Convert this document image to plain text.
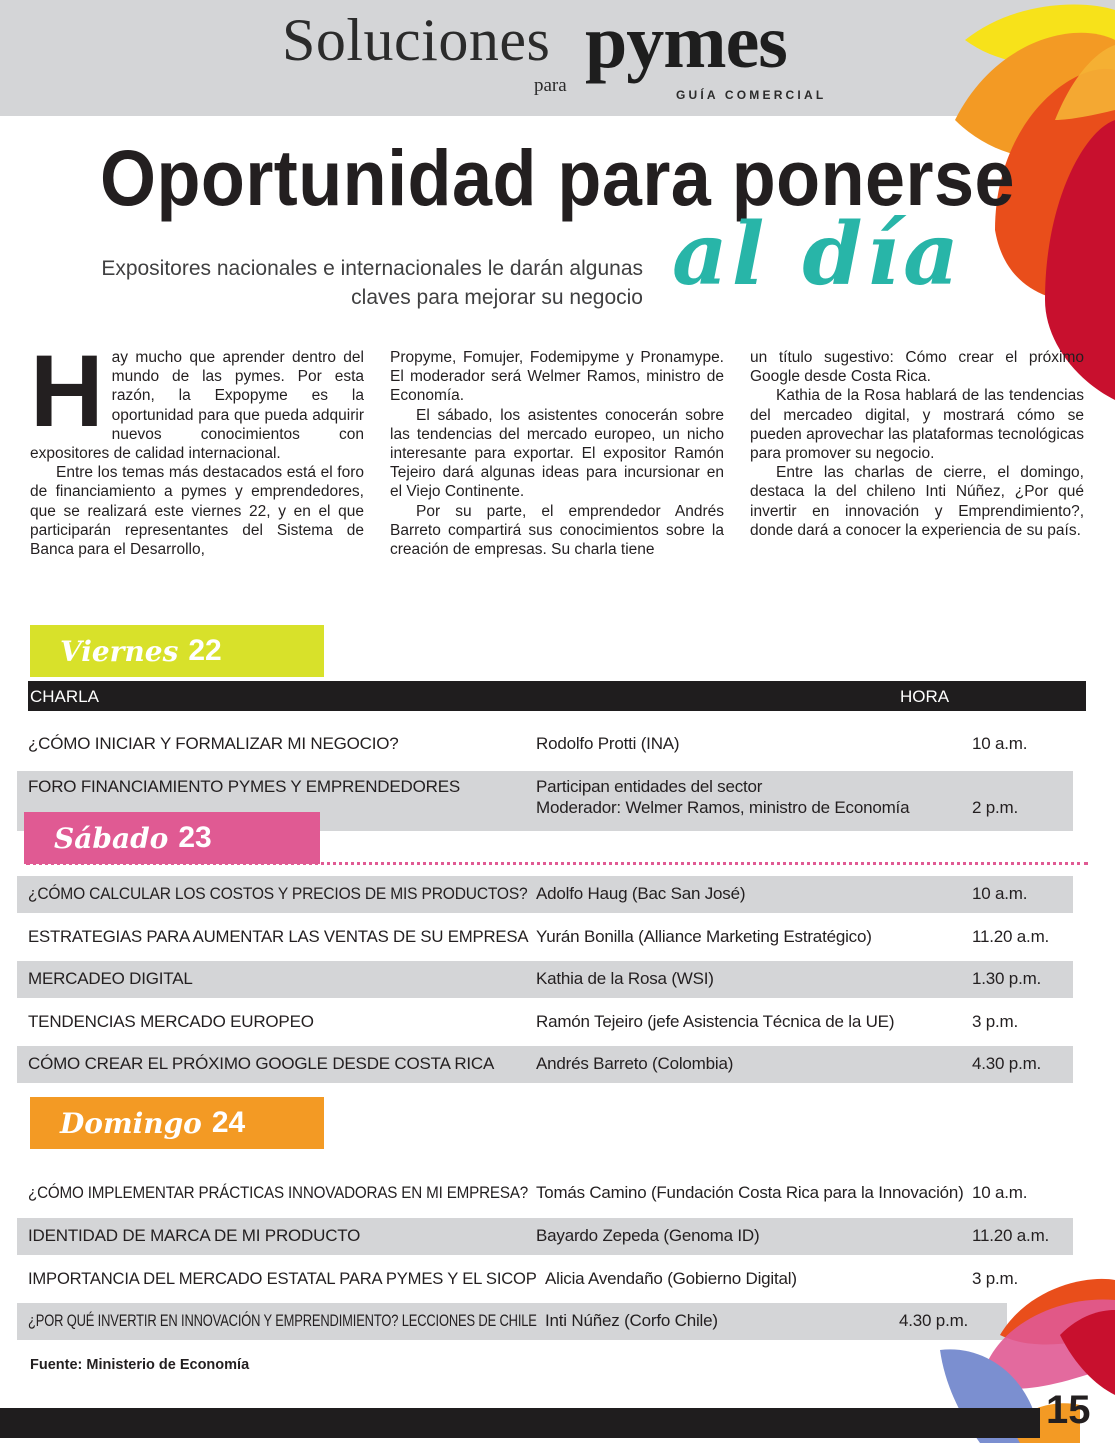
Soluciones
para
pymes
GUÍA COMERCIAL
Oportunidad para ponerse
al día
Expositores nacionales e internacionales le darán algunas
claves para mejorar su negocio

Hay mucho que aprender dentro del mundo de las pymes. Por esta razón, la Expopyme es la oportunidad para que pueda adquirir nuevos conocimientos con expositores de calidad internacional.

Entre los temas más destacados está el foro de financiamiento a pymes y emprendedores, que se realizará este viernes 22, y en el que participarán representantes del Sistema de Banca para el Desarrollo,

Propyme, Fomujer, Fodemipyme y Pronamype. El moderador será Welmer Ramos, ministro de Economía.

El sábado, los asistentes conocerán sobre las tendencias del mercado europeo, un nicho interesante para exportar. El expositor Ramón Tejeiro dará algunas ideas para incursionar en el Viejo Continente.

Por su parte, el emprendedor Andrés Barreto compartirá sus conocimientos sobre la creación de empresas. Su charla tiene

un título sugestivo: Cómo crear el próximo Google desde Costa Rica.

Kathia de la Rosa hablará de las tendencias del mercadeo digital, y mostrará cómo se pueden aprovechar las plataformas tecnológicas para promover su negocio.

Entre las charlas de cierre, el domingo, destaca la del chileno Inti Núñez, ¿Por qué invertir en innovación y Emprendimiento?, donde dará a conocer la experiencia de su país.

Viernes 22
CHARLA	HORA
¿CÓMO INICIAR Y FORMALIZAR MI NEGOCIO?	Rodolfo Protti (INA)	10 a.m.
FORO FINANCIAMIENTO PYMES Y EMPRENDEDORES	Participan entidades del sector
Moderador: Welmer Ramos, ministro de Economía	2 p.m.
Sábado 23
¿CÓMO CALCULAR LOS COSTOS Y PRECIOS DE MIS PRODUCTOS? Adolfo Haug (Bac San José)	10 a.m.
ESTRATEGIAS PARA AUMENTAR LAS VENTAS DE SU EMPRESA Yurán Bonilla (Alliance Marketing Estratégico)	11.20 a.m.
MERCADEO DIGITAL	Kathia de la Rosa (WSI)	1.30 p.m.
TENDENCIAS MERCADO EUROPEO	Ramón Tejeiro (jefe Asistencia Técnica de la UE)	3 p.m.
CÓMO CREAR EL PRÓXIMO GOOGLE DESDE COSTA RICA Andrés Barreto (Colombia)	4.30 p.m.
Domingo 24
¿CÓMO IMPLEMENTAR PRÁCTICAS INNOVADORAS EN MI EMPRESA? Tomás Camino (Fundación Costa Rica para la Innovación) 10 a.m.
IDENTIDAD DE MARCA DE MI PRODUCTO	Bayardo Zepeda (Genoma ID)	11.20 a.m.
IMPORTANCIA DEL MERCADO ESTATAL PARA PYMES Y EL SICOP Alicia Avendaño (Gobierno Digital)	3 p.m.
¿POR QUÉ INVERTIR EN INNOVACIÓN Y EMPRENDIMIENTO? LECCIONES DE CHILE Inti Núñez (Corfo Chile)	4.30 p.m.
Fuente: Ministerio de Economía
15
